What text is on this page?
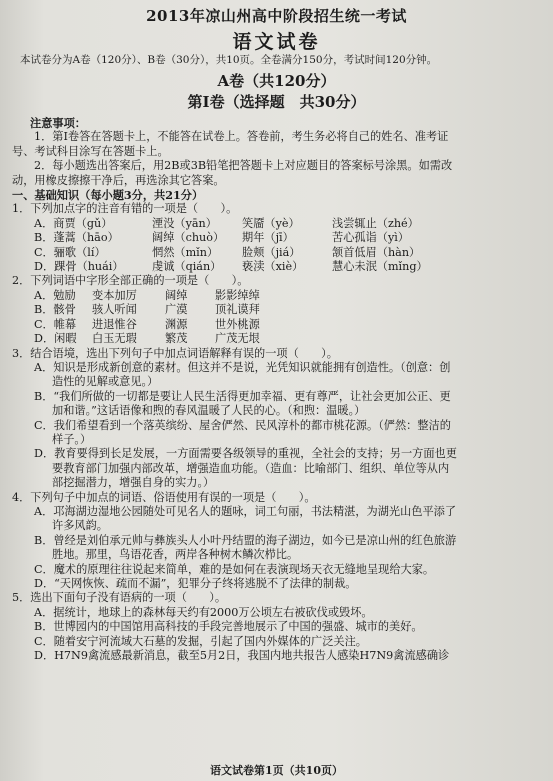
2013年凉山州高中阶段招生统一考试
语文试卷
本试卷分为A卷（120分）、B卷（30分），共10页。全卷满分150分，考试时间120分钟。
A卷（共120分）
第Ⅰ卷（选择题　共30分）

注意事项：

1．第Ⅰ卷答在答题卡上，不能答在试卷上。答卷前，考生务必将自己的姓名、准考证

号、考试科目涂写在答题卡上。

2．每小题选出答案后，用2B或3B铅笔把答题卡上对应题目的答案标号涂黑。如需改

动，用橡皮擦擦干净后，再选涂其它答案。

一、基础知识（每小题3分，共21分）

1．下列加点字的注音有错的一项是（　　）。

A．商贾（gǔ）	湮没（yān）	笑靥（yè）	浅尝辄止（zhé）
B．蓬蒿（hāo）	阔绰（chuò）	期年（jī）	苦心孤诣（yì）
C．骊歌（lí）	惘然（mǐn）	脸颊（jiá）	颔首低眉（hàn）
D．踝骨（huái）	虔诚（qián）	亵渎（xiè）	慧心未泯（mǐng）

2．下列词语中字形全部正确的一项是（　　）。

A．勉励	变本加厉	阔绰	影影绰绰
B．骸骨	骇人听闻	广漠	顶礼谟拜
C．帷幕	进退惟谷	渊源	世外桃源
D．闲暇	白玉无瑕	繁茂	广茂无垠

3．结合语境，选出下列句子中加点词语解释有误的一项（　　）。

A．知识是形成新创意的素材。但这并不是说，光凭知识就能拥有创造性。（创意：创

造性的见解或意见。）

B．“我们所做的一切都是要让人民生活得更加幸福、更有尊严，让社会更加公正、更

加和谐。”这话语像和煦的春风温暖了人民的心。（和煦：温暖。）

C．我们希望看到一个落英缤纷、屋舍俨然、民风淳朴的都市桃花源。（俨然：整洁的

样子。）

D．教育要得到长足发展，一方面需要各级领导的重视，全社会的支持；另一方面也更

要教育部门加强内部改革，增强造血功能。（造血：比喻部门、组织、单位等从内

部挖掘潜力，增强自身的实力。）

4．下列句子中加点的词语、俗语使用有误的一项是（　　）。

A．邛海湖边湿地公园随处可见名人的题咏，词工句丽，书法精湛，为湖光山色平添了

许多风韵。

B．曾经是刘伯承元帅与彝族头人小叶丹结盟的海子湖边，如今已是凉山州的红色旅游

胜地。那里，鸟语花香，两岸各种树木鳞次栉比。

C．魔术的原理往往说起来简单，难的是如何在表演现场天衣无缝地呈现给大家。

D．“天网恢恢、疏而不漏”，犯罪分子终将逃脱不了法律的制裁。

5．选出下面句子没有语病的一项（　　）。

A．据统计，地球上的森林每天约有2000万公顷左右被砍伐或毁坏。

B．世博园内的中国馆用高科技的手段完善地展示了中国的强盛、城市的美好。

C．随着安宁河流域大石墓的发掘，引起了国内外媒体的广泛关注。

D．H7N9禽流感最新消息，截至5月2日，我国内地共报告人感染H7N9禽流感确诊

语文试卷第1页（共10页）
